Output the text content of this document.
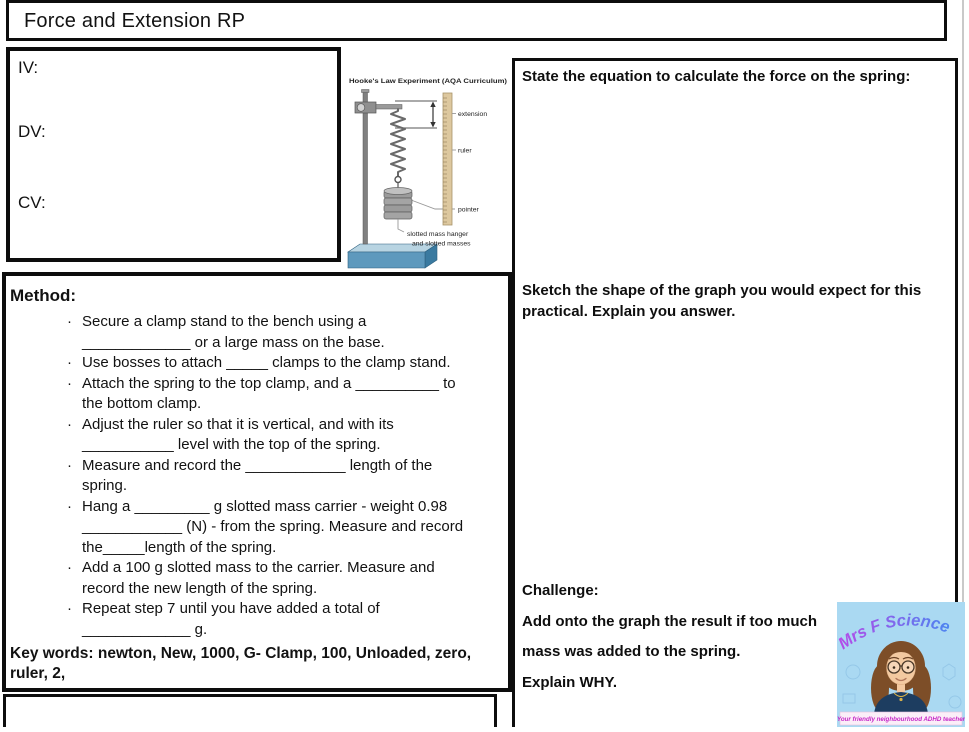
Force and Extension RP
IV:
DV:
CV:
Hooke's Law Experiment (AQA Curriculum)
extension
ruler
pointer
slotted mass hanger
and slotted masses
Method:
· Secure a clamp stand to the bench using a _____________ or a large mass on the base.
· Use bosses to attach _____ clamps to the clamp stand.
· Attach the spring to the top clamp, and a __________ to the bottom clamp.
· Adjust the ruler so that it is vertical, and with its ___________ level with the top of the spring.
· Measure and record the ____________ length of the spring.
· Hang a _________ g slotted mass carrier - weight 0.98 ____________ (N) - from the spring. Measure and record the_____length of the spring.
· Add a 100 g slotted mass to the carrier. Measure and record the new length of the spring.
· Repeat step 7 until you have added a total of _____________ g.
Key words: newton, New, 1000, G- Clamp, 100, Unloaded, zero, ruler, 2,
State the equation to calculate the force on the spring:
Sketch the shape of the graph you would expect for this practical. Explain you answer.
Challenge:
Add onto the graph the result if too much
mass was added to the spring.
Explain WHY.
Mrs F Science
Your friendly neighbourhood ADHD teacher
